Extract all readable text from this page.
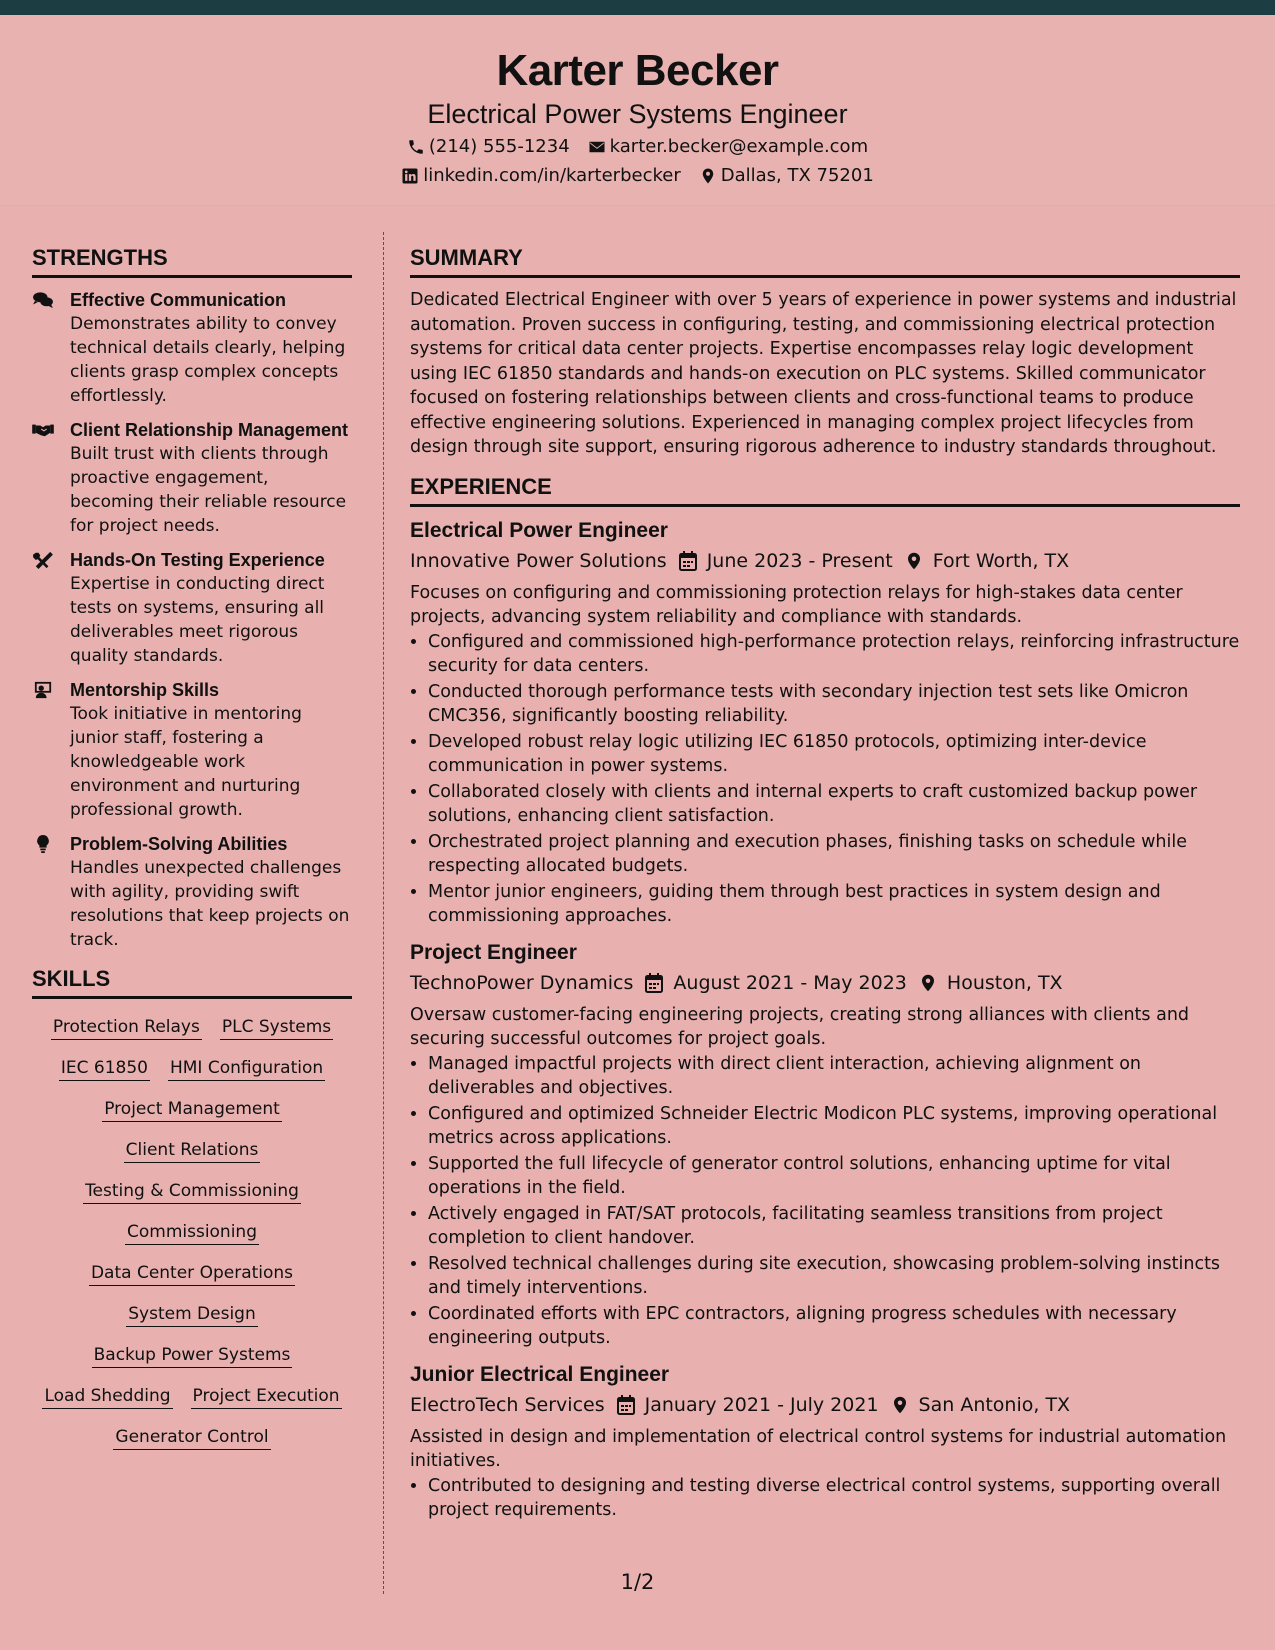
Karter Becker
Electrical Power Systems Engineer
(214) 555-1234 karter.becker@example.com
linkedin.com/in/karterbecker Dallas, TX 75201
STRENGTHS
Effective Communication
Demonstrates ability to convey technical details clearly, helping clients grasp complex concepts effortlessly.
Client Relationship Management
Built trust with clients through proactive engagement, becoming their reliable resource for project needs.
Hands-On Testing Experience
Expertise in conducting direct tests on systems, ensuring all deliverables meet rigorous quality standards.
Mentorship Skills
Took initiative in mentoring junior staff, fostering a knowledgeable work environment and nurturing professional growth.
Problem-Solving Abilities
Handles unexpected challenges with agility, providing swift resolutions that keep projects on track.
SKILLS
Protection Relays PLC Systems
IEC 61850 HMI Configuration
Project Management
Client Relations
Testing & Commissioning
Commissioning
Data Center Operations
System Design
Backup Power Systems
Load Shedding Project Execution
Generator Control
SUMMARY
Dedicated Electrical Engineer with over 5 years of experience in power systems and industrial automation. Proven success in configuring, testing, and commissioning electrical protection systems for critical data center projects. Expertise encompasses relay logic development using IEC 61850 standards and hands-on execution on PLC systems. Skilled communicator focused on fostering relationships between clients and cross-functional teams to produce effective engineering solutions. Experienced in managing complex project lifecycles from design through site support, ensuring rigorous adherence to industry standards throughout.
EXPERIENCE
Electrical Power Engineer
Innovative Power Solutions June 2023 - Present Fort Worth, TX
Focuses on configuring and commissioning protection relays for high-stakes data center projects, advancing system reliability and compliance with standards.
• Configured and commissioned high-performance protection relays, reinforcing infrastructure security for data centers.
• Conducted thorough performance tests with secondary injection test sets like Omicron CMC356, significantly boosting reliability.
• Developed robust relay logic utilizing IEC 61850 protocols, optimizing inter-device communication in power systems.
• Collaborated closely with clients and internal experts to craft customized backup power solutions, enhancing client satisfaction.
• Orchestrated project planning and execution phases, finishing tasks on schedule while respecting allocated budgets.
• Mentor junior engineers, guiding them through best practices in system design and commissioning approaches.
Project Engineer
TechnoPower Dynamics August 2021 - May 2023 Houston, TX
Oversaw customer-facing engineering projects, creating strong alliances with clients and securing successful outcomes for project goals.
• Managed impactful projects with direct client interaction, achieving alignment on deliverables and objectives.
• Configured and optimized Schneider Electric Modicon PLC systems, improving operational metrics across applications.
• Supported the full lifecycle of generator control solutions, enhancing uptime for vital operations in the field.
• Actively engaged in FAT/SAT protocols, facilitating seamless transitions from project completion to client handover.
• Resolved technical challenges during site execution, showcasing problem-solving instincts and timely interventions.
• Coordinated efforts with EPC contractors, aligning progress schedules with necessary engineering outputs.
Junior Electrical Engineer
ElectroTech Services January 2021 - July 2021 San Antonio, TX
Assisted in design and implementation of electrical control systems for industrial automation initiatives.
• Contributed to designing and testing diverse electrical control systems, supporting overall project requirements.
1/2
